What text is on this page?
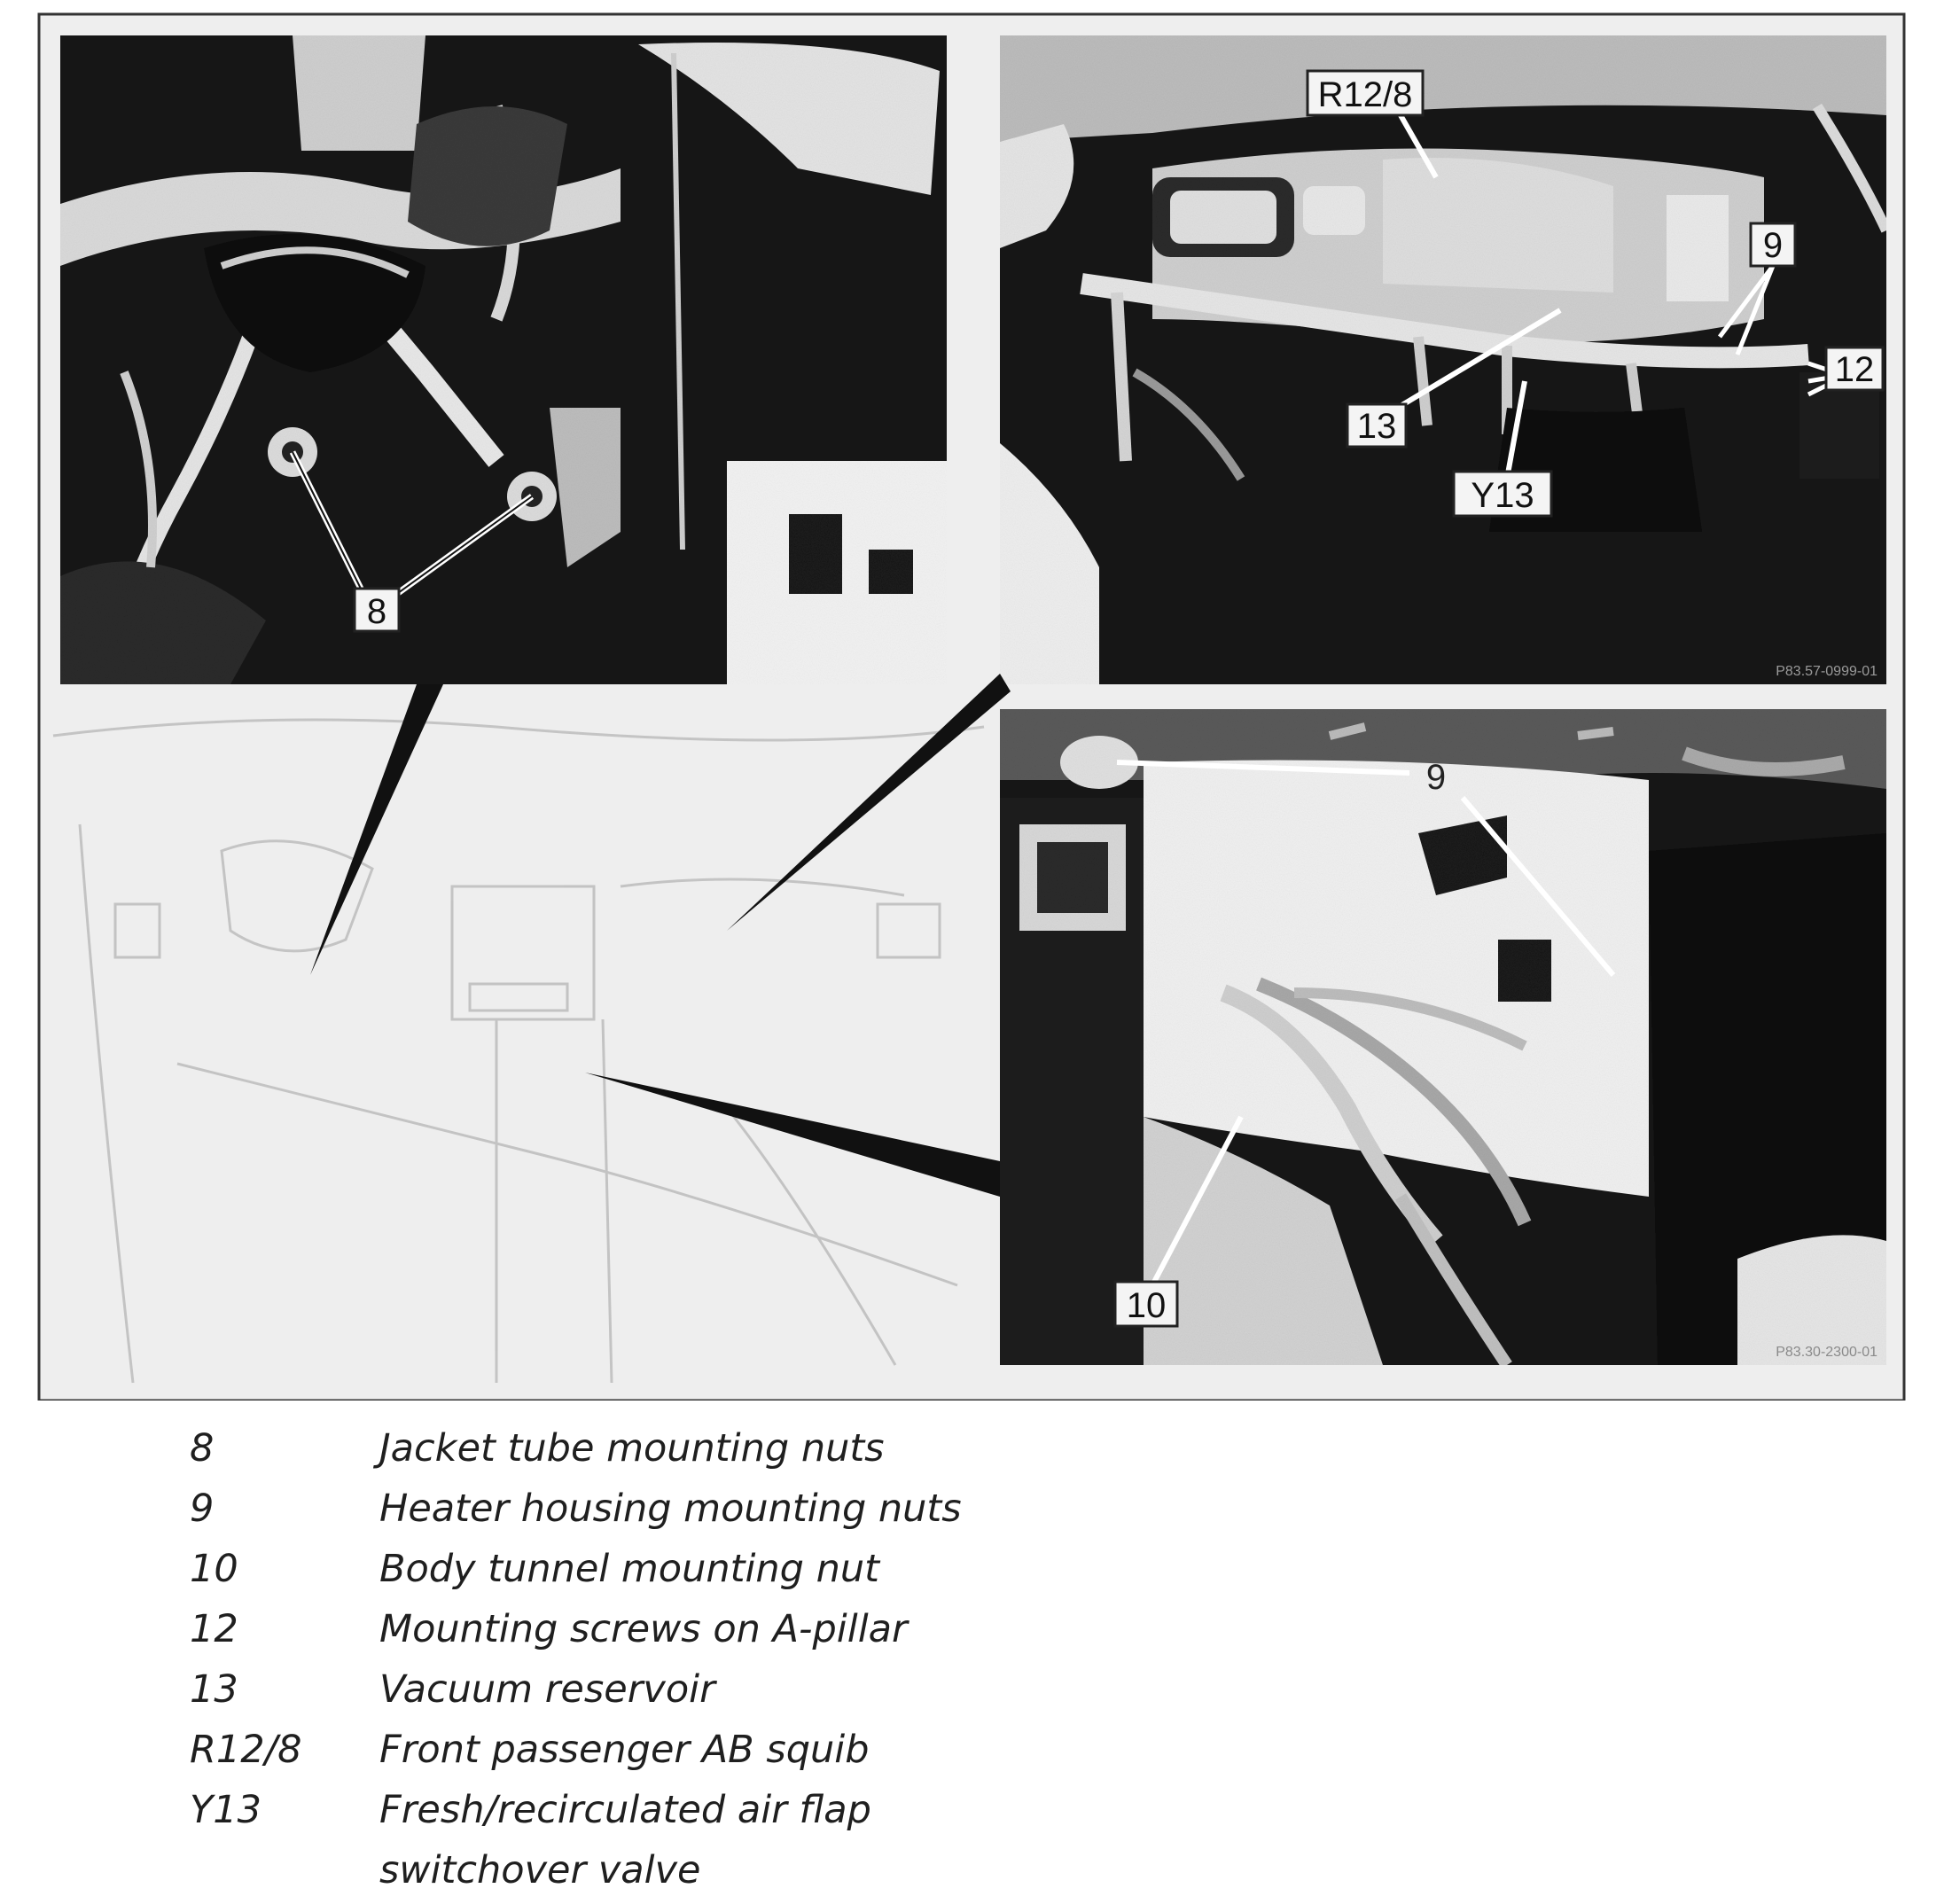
8
R12/8
9
12
13
Y13
P83.57-0999-01
9
10
P83.30-2300-01
8	Jacket tube mounting nuts
9	Heater housing mounting nuts
10	Body tunnel mounting nut
12	Mounting screws on A-pillar
13	Vacuum reservoir
R12/8 Front passenger AB squib
Y13	Fresh/recirculated air flap
switchover valve
